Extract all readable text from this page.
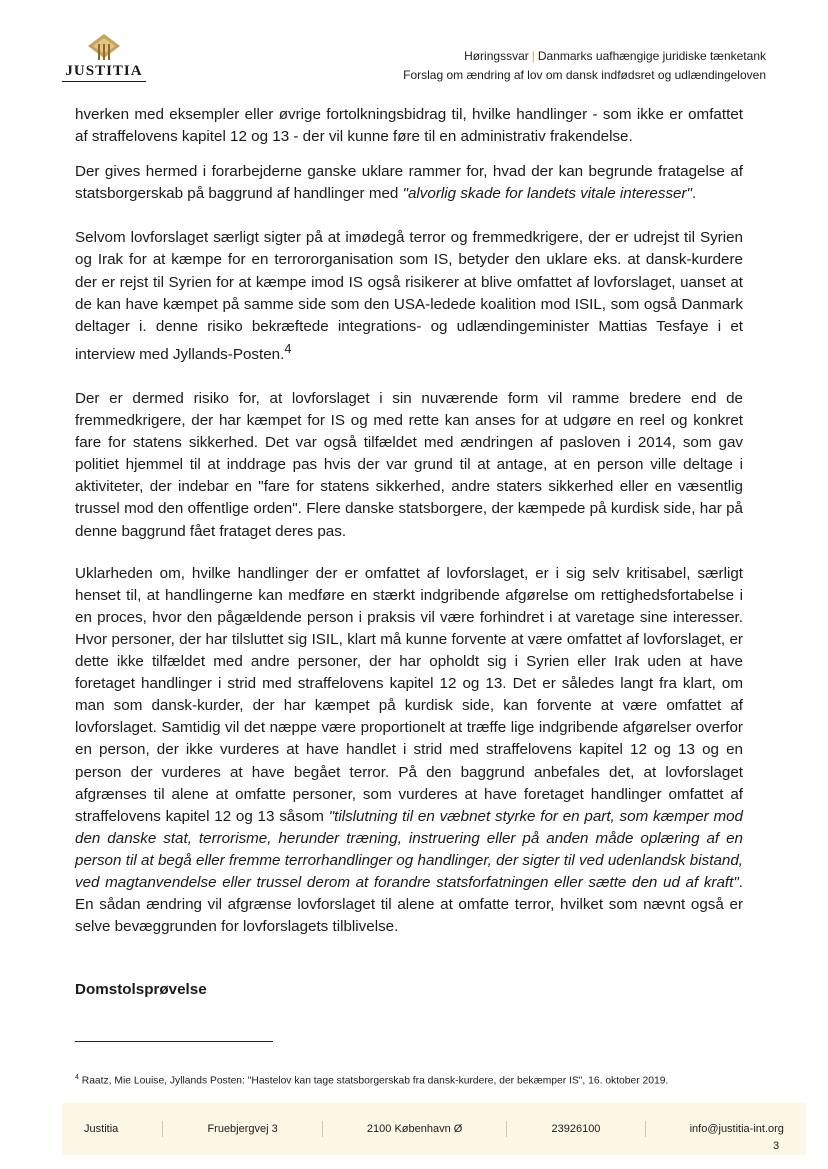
JUSTITIA
Høringssvar | Danmarks uafhængige juridiske tænketank
Forslag om ændring af lov om dansk indfødsret og udlændingeloven

hverken med eksempler eller øvrige fortolkningsbidrag til, hvilke handlinger - som ikke er omfattet af straffelovens kapitel 12 og 13 - der vil kunne føre til en administrativ frakendelse.

Der gives hermed i forarbejderne ganske uklare rammer for, hvad der kan begrunde fratagelse af statsborgerskab på baggrund af handlinger med "alvorlig skade for landets vitale interesser".

Selvom lovforslaget særligt sigter på at imødegå terror og fremmedkrigere, der er udrejst til Syrien og Irak for at kæmpe for en terrororganisation som IS, betyder den uklare eks. at dansk-kurdere der er rejst til Syrien for at kæmpe imod IS også risikerer at blive omfattet af lovforslaget, uanset at de kan have kæmpet på samme side som den USA-ledede koalition mod ISIL, som også Danmark deltager i. denne risiko bekræftede integrations- og udlændingeminister Mattias Tesfaye i et interview med Jyllands-Posten.$^4$

Der er dermed risiko for, at lovforslaget i sin nuværende form vil ramme bredere end de fremmedkrigere, der har kæmpet for IS og med rette kan anses for at udgøre en reel og konkret fare for statens sikkerhed. Det var også tilfældet med ændringen af pasloven i 2014, som gav politiet hjemmel til at inddrage pas hvis der var grund til at antage, at en person ville deltage i aktiviteter, der indebar en "fare for statens sikkerhed, andre staters sikkerhed eller en væsentlig trussel mod den offentlige orden". Flere danske statsborgere, der kæmpede på kurdisk side, har på denne baggrund fået frataget deres pas.

Uklarheden om, hvilke handlinger der er omfattet af lovforslaget, er i sig selv kritisabel, særligt henset til, at handlingerne kan medføre en stærkt indgribende afgørelse om rettighedsfortabelse i en proces, hvor den pågældende person i praksis vil være forhindret i at varetage sine interesser. Hvor personer, der har tilsluttet sig ISIL, klart må kunne forvente at være omfattet af lovforslaget, er dette ikke tilfældet med andre personer, der har opholdt sig i Syrien eller Irak uden at have foretaget handlinger i strid med straffelovens kapitel 12 og 13. Det er således langt fra klart, om man som dansk-kurder, der har kæmpet på kurdisk side, kan forvente at være omfattet af lovforslaget. Samtidig vil det næppe være proportionelt at træffe lige indgribende afgørelser overfor en person, der ikke vurderes at have handlet i strid med straffelovens kapitel 12 og 13 og en person der vurderes at have begået terror. På den baggrund anbefales det, at lovforslaget afgrænses til alene at omfatte personer, som vurderes at have foretaget handlinger omfattet af straffelovens kapitel 12 og 13 såsom "tilslutning til en væbnet styrke for en part, som kæmper mod den danske stat, terrorisme, herunder træning, instruering eller på anden måde oplæring af en person til at begå eller fremme terrorhandlinger og handlinger, der sigter til ved udenlandsk bistand, ved magtanvendelse eller trussel derom at forandre statsforfatningen eller sætte den ud af kraft". En sådan ændring vil afgrænse lovforslaget til alene at omfatte terror, hvilket som nævnt også er selve bevæggrunden for lovforslagets tilblivelse.

Domstolsprøvelse
$^4$ Raatz, Mie Louise, Jyllands Posten: "Hastelov kan tage statsborgerskab fra dansk-kurdere, der bekæmper IS", 16. oktober 2019.
Justitia	Fruebjergvej 3	2100 København Ø	23926100	info@justitia-int.org
3
